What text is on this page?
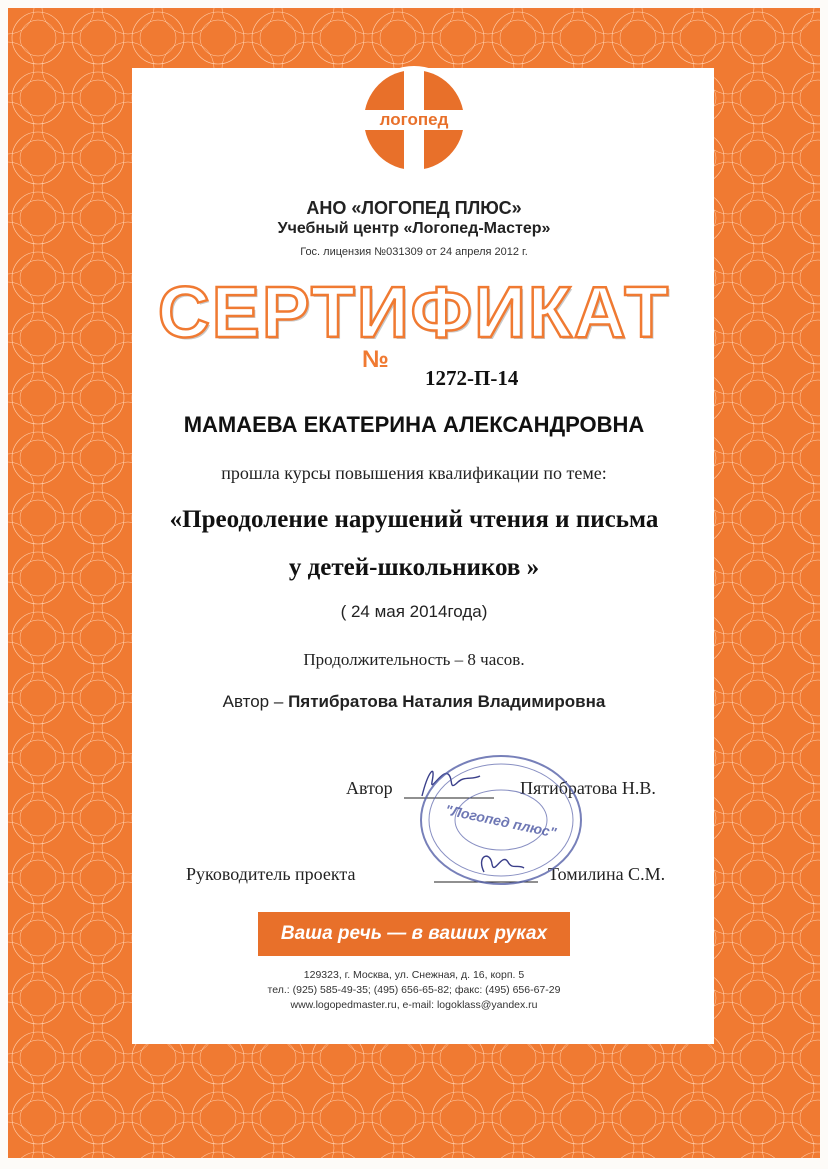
логопед
АНО «ЛОГОПЕД ПЛЮС»
Учебный центр «Логопед-Мастер»
Гос. лицензия №031309 от 24 апреля 2012 г.
СЕРТИФИКАТ
№
1272-П-14
МАМАЕВА ЕКАТЕРИНА АЛЕКСАНДРОВНА
прошла курсы повышения квалификации по теме:
«Преодоление нарушений чтения и письма
у детей-школьников »
( 24 мая 2014года)
Продолжительность – 8 часов.
Автор – Пятибратова Наталия Владимировна
Автор	Пятибратова Н.В.
Руководитель проекта	Томилина С.М.
"Логопед плюс"
Ваша речь — в ваших руках
129323, г. Москва, ул. Снежная, д. 16, корп. 5
тел.: (925) 585-49-35; (495) 656-65-82; факс: (495) 656-67-29
www.logopedmaster.ru, e-mail: logoklass@yandex.ru
